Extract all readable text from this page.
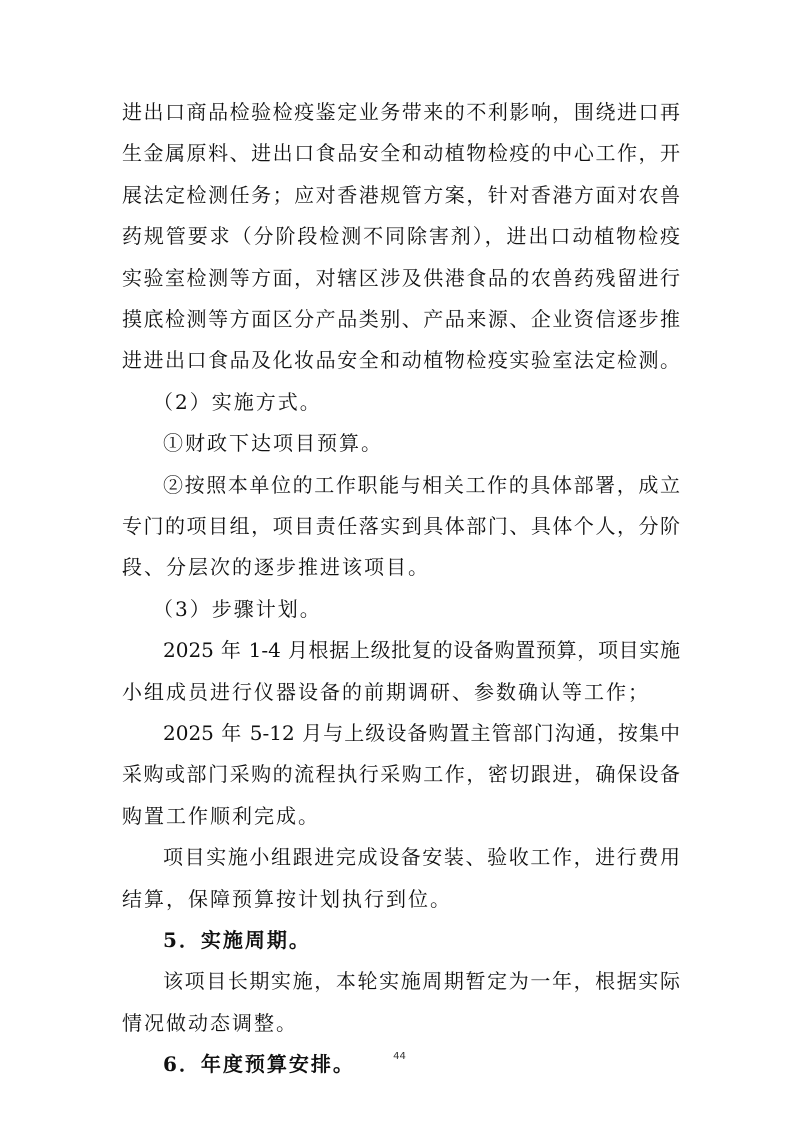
进出口商品检验检疫鉴定业务带来的不利影响，围绕进口再
生金属原料、进出口食品安全和动植物检疫的中心工作，开
展法定检测任务；应对香港规管方案，针对香港方面对农兽
药规管要求（分阶段检测不同除害剂），进出口动植物检疫
实验室检测等方面，对辖区涉及供港食品的农兽药残留进行
摸底检测等方面区分产品类别、产品来源、企业资信逐步推
进进出口食品及化妆品安全和动植物检疫实验室法定检测。
（2）实施方式。
①财政下达项目预算。
②按照本单位的工作职能与相关工作的具体部署，成立
专门的项目组，项目责任落实到具体部门、具体个人，分阶
段、分层次的逐步推进该项目。
（3）步骤计划。
2025 年 1-4 月根据上级批复的设备购置预算，项目实施
小组成员进行仪器设备的前期调研、参数确认等工作；
2025 年 5-12 月与上级设备购置主管部门沟通，按集中
采购或部门采购的流程执行采购工作，密切跟进，确保设备
购置工作顺利完成。
项目实施小组跟进完成设备安装、验收工作，进行费用
结算，保障预算按计划执行到位。
5．实施周期。
该项目长期实施，本轮实施周期暂定为一年，根据实际
情况做动态调整。
6．年度预算安排。	44
